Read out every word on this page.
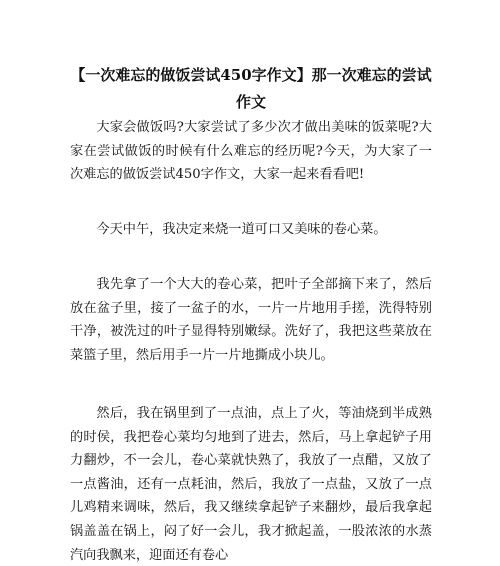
【一次难忘的做饭尝试450字作文】那一次难忘的尝试作文

大家会做饭吗?大家尝试了多少次才做出美味的饭菜呢?大家在尝试做饭的时候有什么难忘的经历呢?今天，为大家了一次难忘的做饭尝试450字作文，大家一起来看看吧!

今天中午，我决定来烧一道可口又美味的卷心菜。

我先拿了一个大大的卷心菜，把叶子全部摘下来了，然后放在盆子里，接了一盆子的水，一片一片地用手搓，洗得特别干净，被洗过的叶子显得特别嫩绿。洗好了，我把这些菜放在菜篮子里，然后用手一片一片地撕成小块儿。

然后，我在锅里到了一点油，点上了火，等油烧到半成熟的时侯，我把卷心菜均匀地到了进去，然后，马上拿起铲子用力翻炒，不一会儿，卷心菜就快熟了，我放了一点醋，又放了一点酱油，还有一点耗油，然后，我放了一点盐，又放了一点儿鸡精来调味，然后，我又继续拿起铲子来翻炒，最后我拿起锅盖盖在锅上，闷了好一会儿，我才掀起盖，一股浓浓的水蒸汽向我飘来，迎面还有卷心
